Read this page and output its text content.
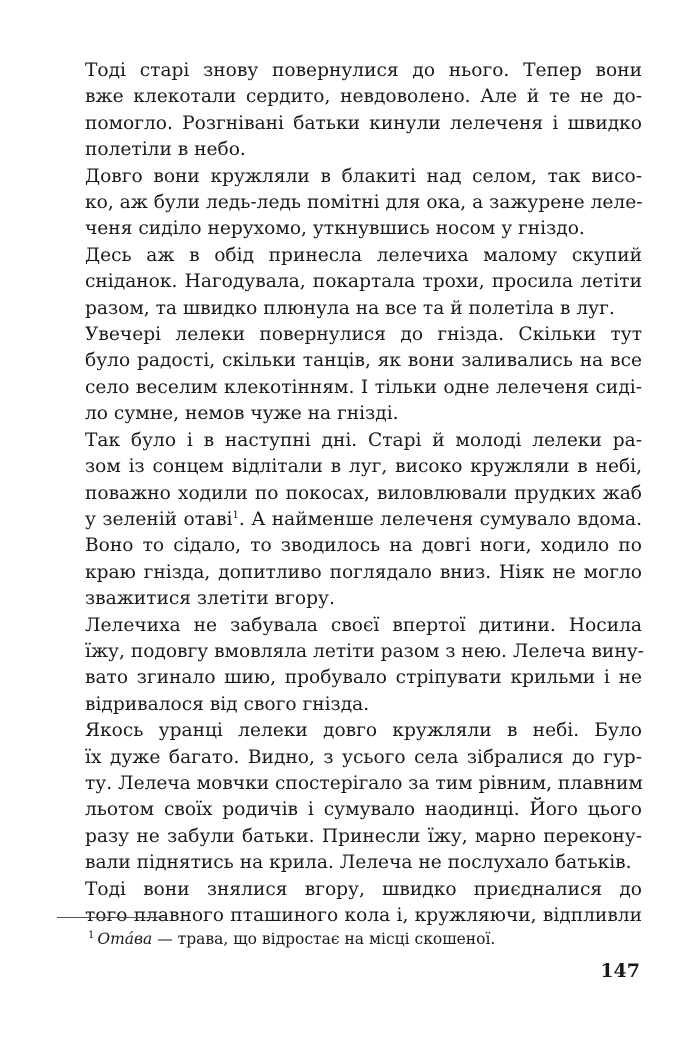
Тоді старі знову повернулися до нього. Тепер вони
вже клекотали сердито, невдоволено. Але й те не до-
помогло. Розгнівані батьки кинули лелеченя і швидко
полетіли в небо.
Довго вони кружляли в блакиті над селом, так висо-
ко, аж були ледь-ледь помітні для ока, а зажурене леле-
ченя сиділо нерухомо, уткнувшись носом у гніздо.
Десь аж в обід принесла лелечиха малому скупий
сніданок. Нагодувала, покартала трохи, просила летіти
разом, та швидко плюнула на все та й полетіла в луг.
Увечері лелеки повернулися до гнізда. Скільки тут
було радості, скільки танців, як вони заливались на все
село веселим клекотінням. І тільки одне лелеченя сиді-
ло сумне, немов чуже на гнізді.
Так було і в наступні дні. Старі й молоді лелеки ра-
зом із сонцем відлітали в луг, високо кружляли в небі,
поважно ходили по покосах, виловлювали прудких жаб
у зеленій отаві$^1$. А найменше лелеченя сумувало вдома.
Воно то сідало, то зводилось на довгі ноги, ходило по
краю гнізда, допитливо поглядало вниз. Ніяк не могло
зважитися злетіти вгору.
Лелечиха не забувала своєї впертої дитини. Носила
їжу, подовгу вмовляла летіти разом з нею. Лелеча вину-
вато згинало шию, пробувало стріпувати крильми і не
відривалося від свого гнізда.
Якось уранці лелеки довго кружляли в небі. Було
їх дуже багато. Видно, з усього села зібралися до гур-
ту. Лелеча мовчки спостерігало за тим рівним, плавним
льотом своїх родичів і сумувало наодинці. Його цього
разу не забули батьки. Принесли їжу, марно перекону-
вали піднятись на крила. Лелеча не послухало батьків.
Тоді вони знялися вгору, швидко приєдналися до
того плавного пташиного кола і, кружляючи, відпливли
$^1$ Ота́ва — трава, що відростає на місці скошеної.
147
